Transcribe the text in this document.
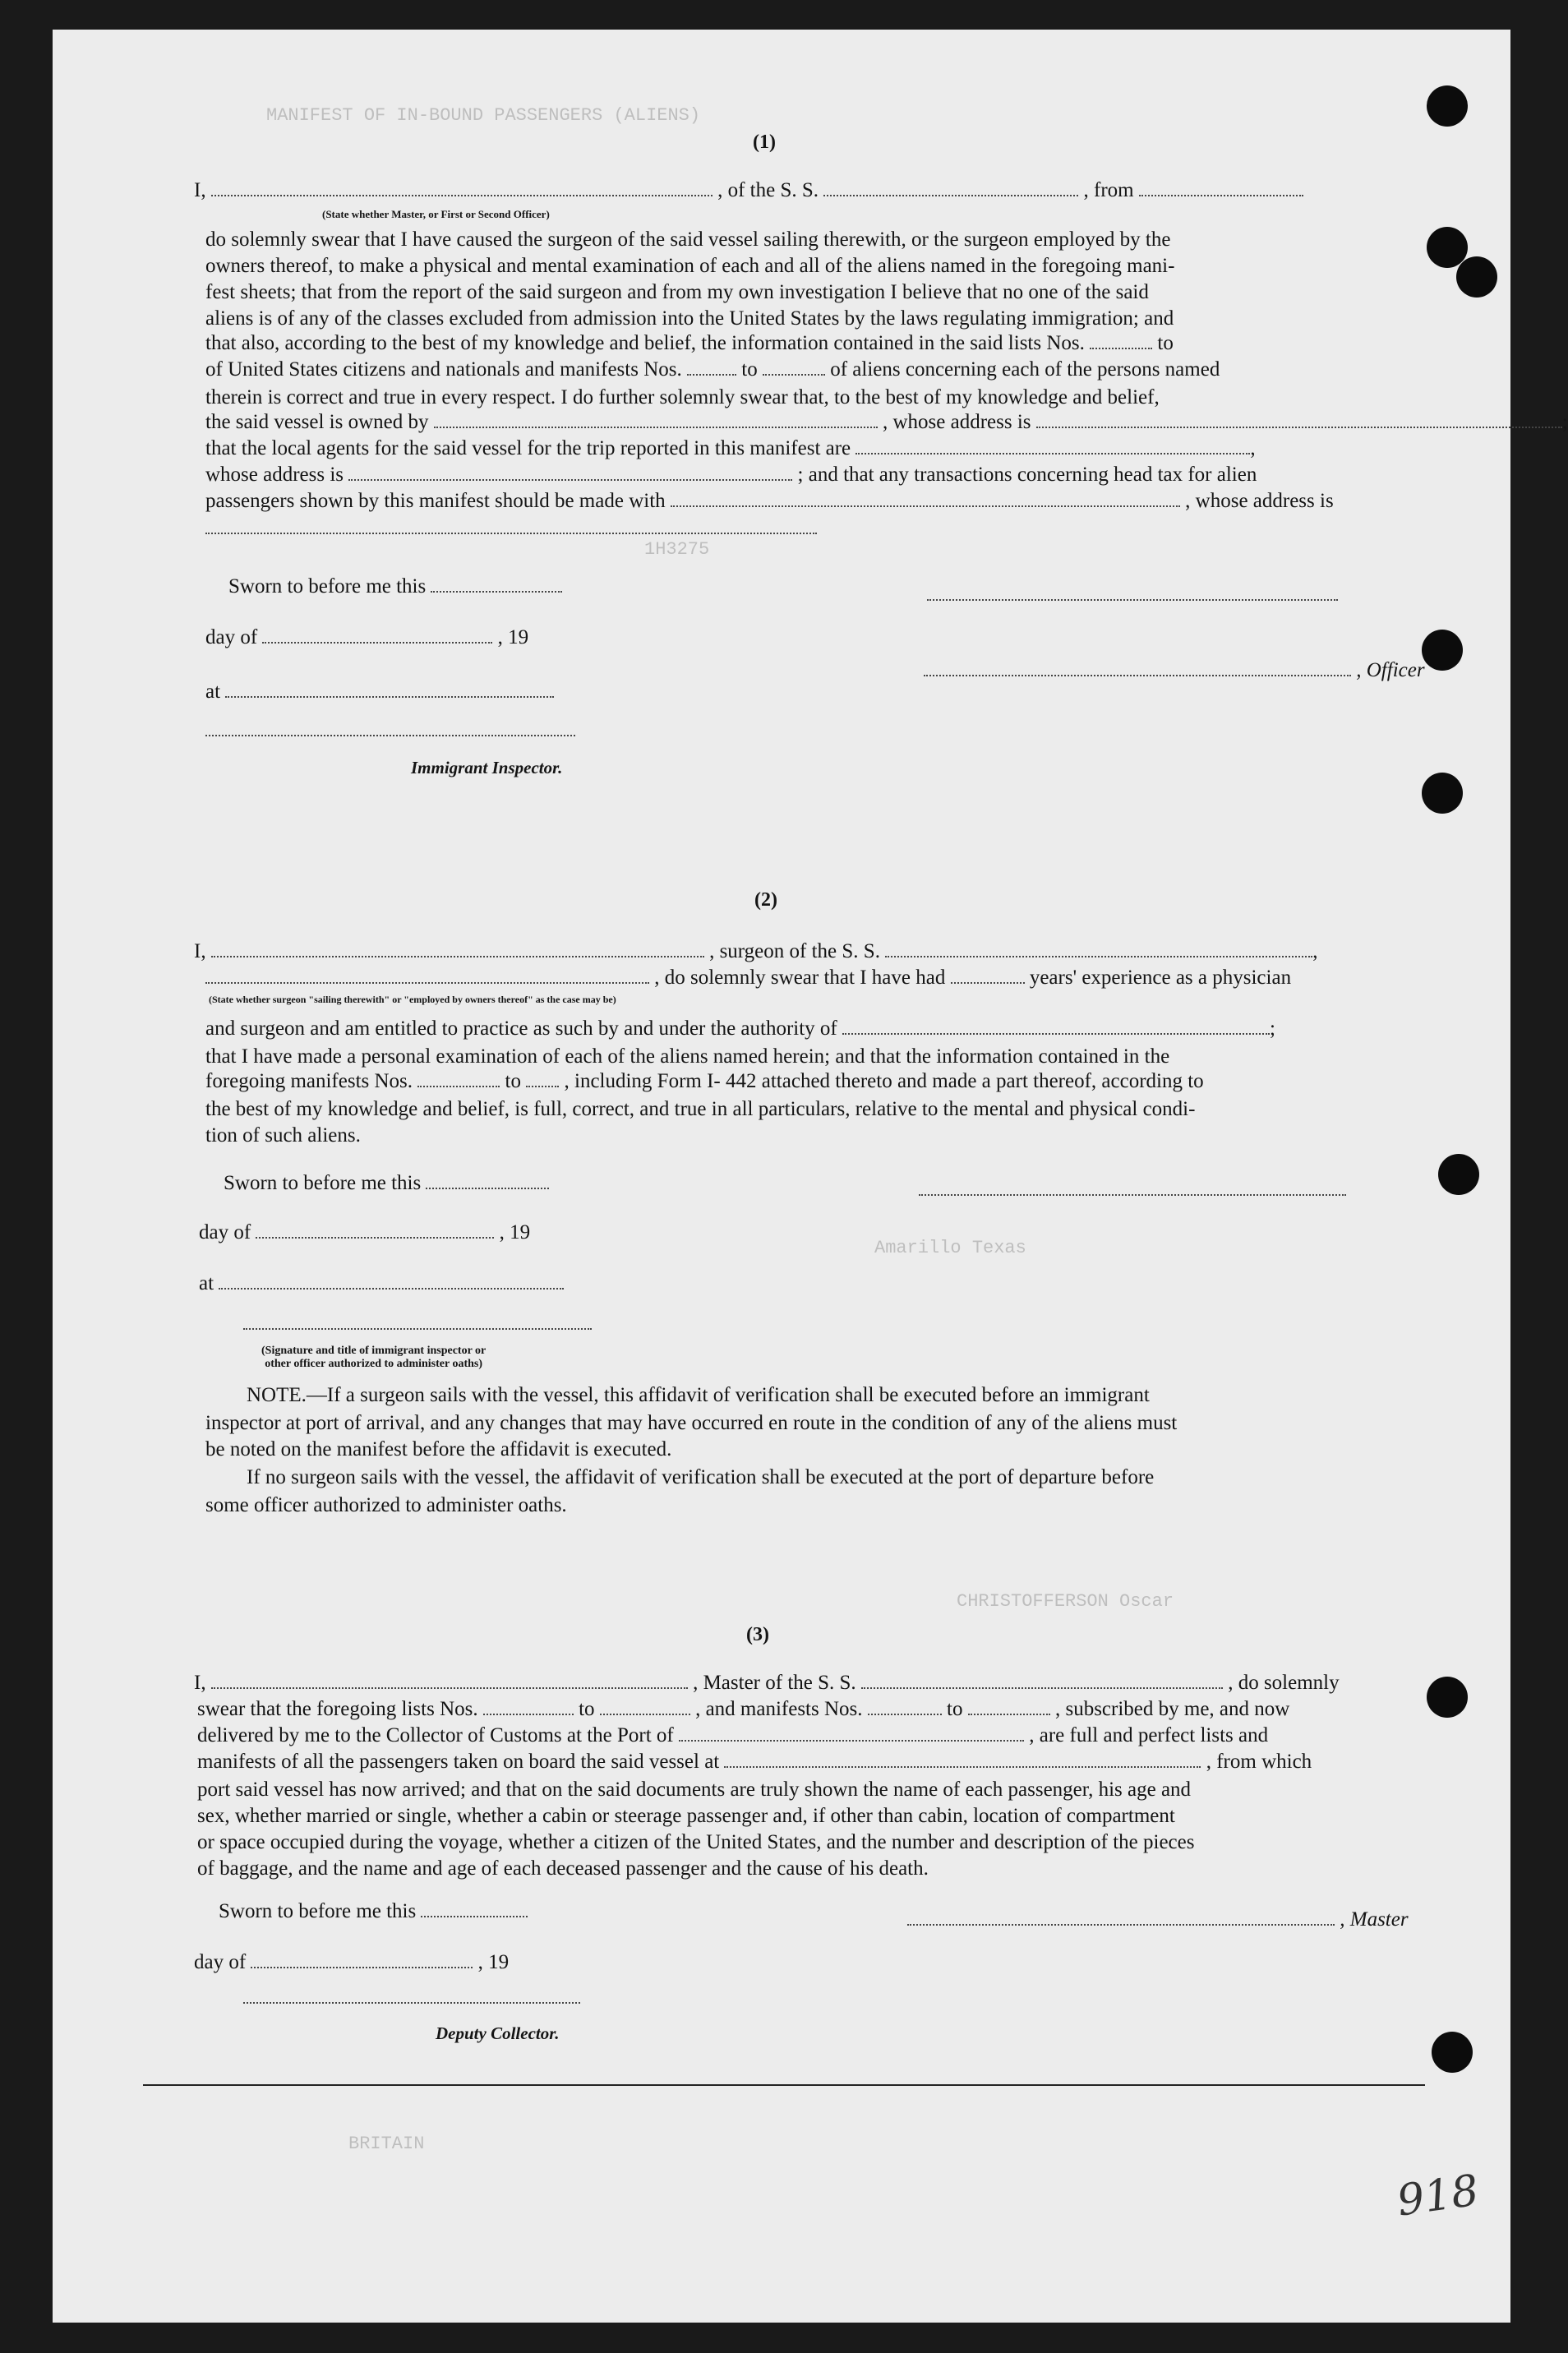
MANIFEST OF IN-BOUND PASSENGERS (ALIENS)
1H3275
Amarillo Texas
CHRISTOFFERSON Oscar
BRITAIN
(1)
I,	, of the S. S.	, from
(State whether Master, or First or Second Officer)
do solemnly swear that I have caused the surgeon of the said vessel sailing therewith, or the surgeon employed by the
owners thereof, to make a physical and mental examination of each and all of the aliens named in the foregoing mani-
fest sheets; that from the report of the said surgeon and from my own investigation I believe that no one of the said
aliens is of any of the classes excluded from admission into the United States by the laws regulating immigration; and
that also, according to the best of my knowledge and belief, the information contained in the said lists Nos.	to
of United States citizens and nationals and manifests Nos.	to	of aliens concerning each of the persons named
therein is correct and true in every respect. I do further solemnly swear that, to the best of my knowledge and belief,
the said vessel is owned by	, whose address is	;
that the local agents for the said vessel for the trip reported in this manifest are	,
whose address is	; and that any transactions concerning head tax for alien
passengers shown by this manifest should be made with	, whose address is
Sworn to before me this
day of	, 19
, Officer
at
Immigrant Inspector.
(2)
I,	, surgeon of the S. S.	,
, do solemnly swear that I have had	years' experience as a physician
(State whether surgeon "sailing therewith" or "employed by owners thereof" as the case may be)
and surgeon and am entitled to practice as such by and under the authority of	;
that I have made a personal examination of each of the aliens named herein; and that the information contained in the
foregoing manifests Nos.	to , including Form I- 442 attached thereto and made a part thereof, according to
the best of my knowledge and belief, is full, correct, and true in all particulars, relative to the mental and physical condi-
tion of such aliens.
Sworn to before me this
day of	, 19
at
(Signature and title of immigrant inspector or
other officer authorized to administer oaths)
NOTE.—If a surgeon sails with the vessel, this affidavit of verification shall be executed before an immigrant
inspector at port of arrival, and any changes that may have occurred en route in the condition of any of the aliens must
be noted on the manifest before the affidavit is executed.
If no surgeon sails with the vessel, the affidavit of verification shall be executed at the port of departure before
some officer authorized to administer oaths.
(3)
I,	, Master of the S. S.	, do solemnly
swear that the foregoing lists Nos.	to	, and manifests Nos.	to	, subscribed by me, and now
delivered by me to the Collector of Customs at the Port of	, are full and perfect lists and
manifests of all the passengers taken on board the said vessel at	, from which
port said vessel has now arrived; and that on the said documents are truly shown the name of each passenger, his age and
sex, whether married or single, whether a cabin or steerage passenger and, if other than cabin, location of compartment
or space occupied during the voyage, whether a citizen of the United States, and the number and description of the pieces
of baggage, and the name and age of each deceased passenger and the cause of his death.
Sworn to before me this	, Master
day of	, 19
Deputy Collector.
918
